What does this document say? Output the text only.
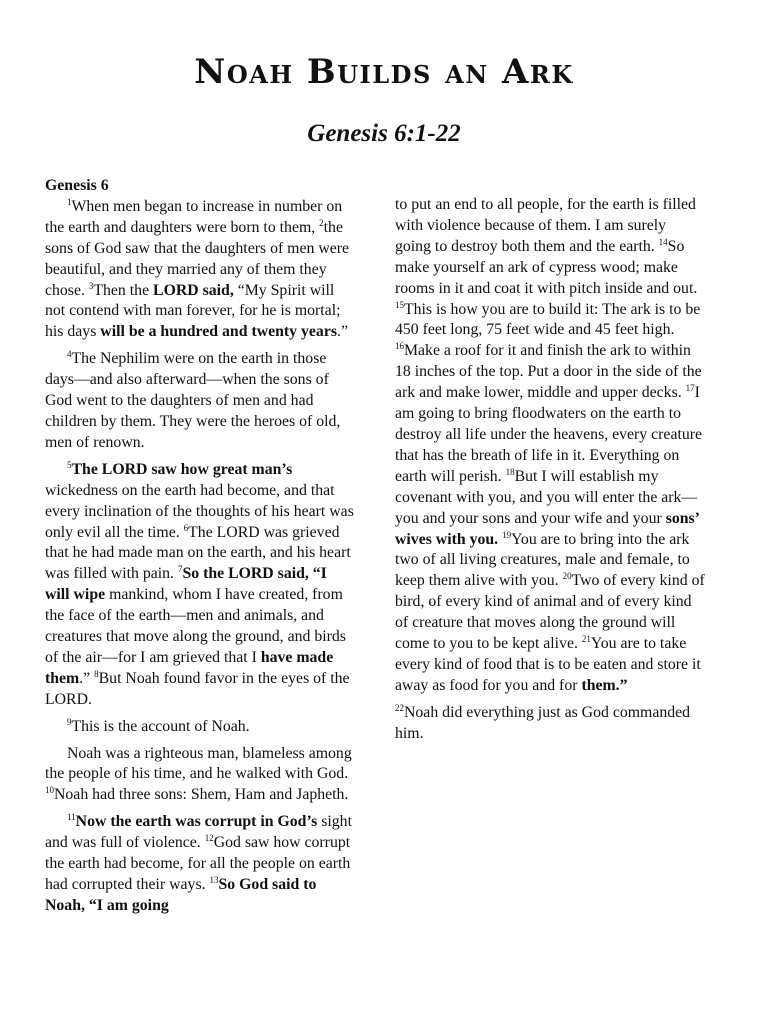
Noah Builds an Ark
Genesis 6:1-22

Genesis 6

$^1$When men began to increase in number on the earth and daughters were born to them, $^2$the sons of God saw that the daughters of men were beautiful, and they married any of them they chose. $^3$Then the LORD said, “My Spirit will not contend with man forever, for he is mortal; his days will be a hundred and twenty years.”

$^4$The Nephilim were on the earth in those days—and also afterward—when the sons of God went to the daughters of men and had children by them. They were the heroes of old, men of renown.

$^5$The LORD saw how great man’s wickedness on the earth had become, and that every inclination of the thoughts of his heart was only evil all the time. $^6$The LORD was grieved that he had made man on the earth, and his heart was filled with pain. $^7$So the LORD said, “I will wipe mankind, whom I have created, from the face of the earth—men and animals, and creatures that move along the ground, and birds of the air—for I am grieved that I have made them.” $^8$But Noah found favor in the eyes of the LORD.

$^9$This is the account of Noah.

Noah was a righteous man, blameless among the people of his time, and he walked with God. $^{10}$Noah had three sons: Shem, Ham and Japheth.

$^{11}$Now the earth was corrupt in God’s sight and was full of violence. $^{12}$God saw how corrupt the earth had become, for all the people on earth had corrupted their ways. $^{13}$So God said to Noah, “I am going

to put an end to all people, for the earth is filled with violence because of them. I am surely going to destroy both them and the earth. $^{14}$So make yourself an ark of cypress wood; make rooms in it and coat it with pitch inside and out. $^{15}$This is how you are to build it: The ark is to be 450 feet long, 75 feet wide and 45 feet high. $^{16}$Make a roof for it and finish the ark to within 18 inches of the top. Put a door in the side of the ark and make lower, middle and upper decks. $^{17}$I am going to bring floodwaters on the earth to destroy all life under the heavens, every creature that has the breath of life in it. Everything on earth will perish. $^{18}$But I will establish my covenant with you, and you will enter the ark—you and your sons and your wife and your sons’ wives with you. $^{19}$You are to bring into the ark two of all living creatures, male and female, to keep them alive with you. $^{20}$Two of every kind of bird, of every kind of animal and of every kind of creature that moves along the ground will come to you to be kept alive. $^{21}$You are to take every kind of food that is to be eaten and store it away as food for you and for them.”

$^{22}$Noah did everything just as God commanded him.
